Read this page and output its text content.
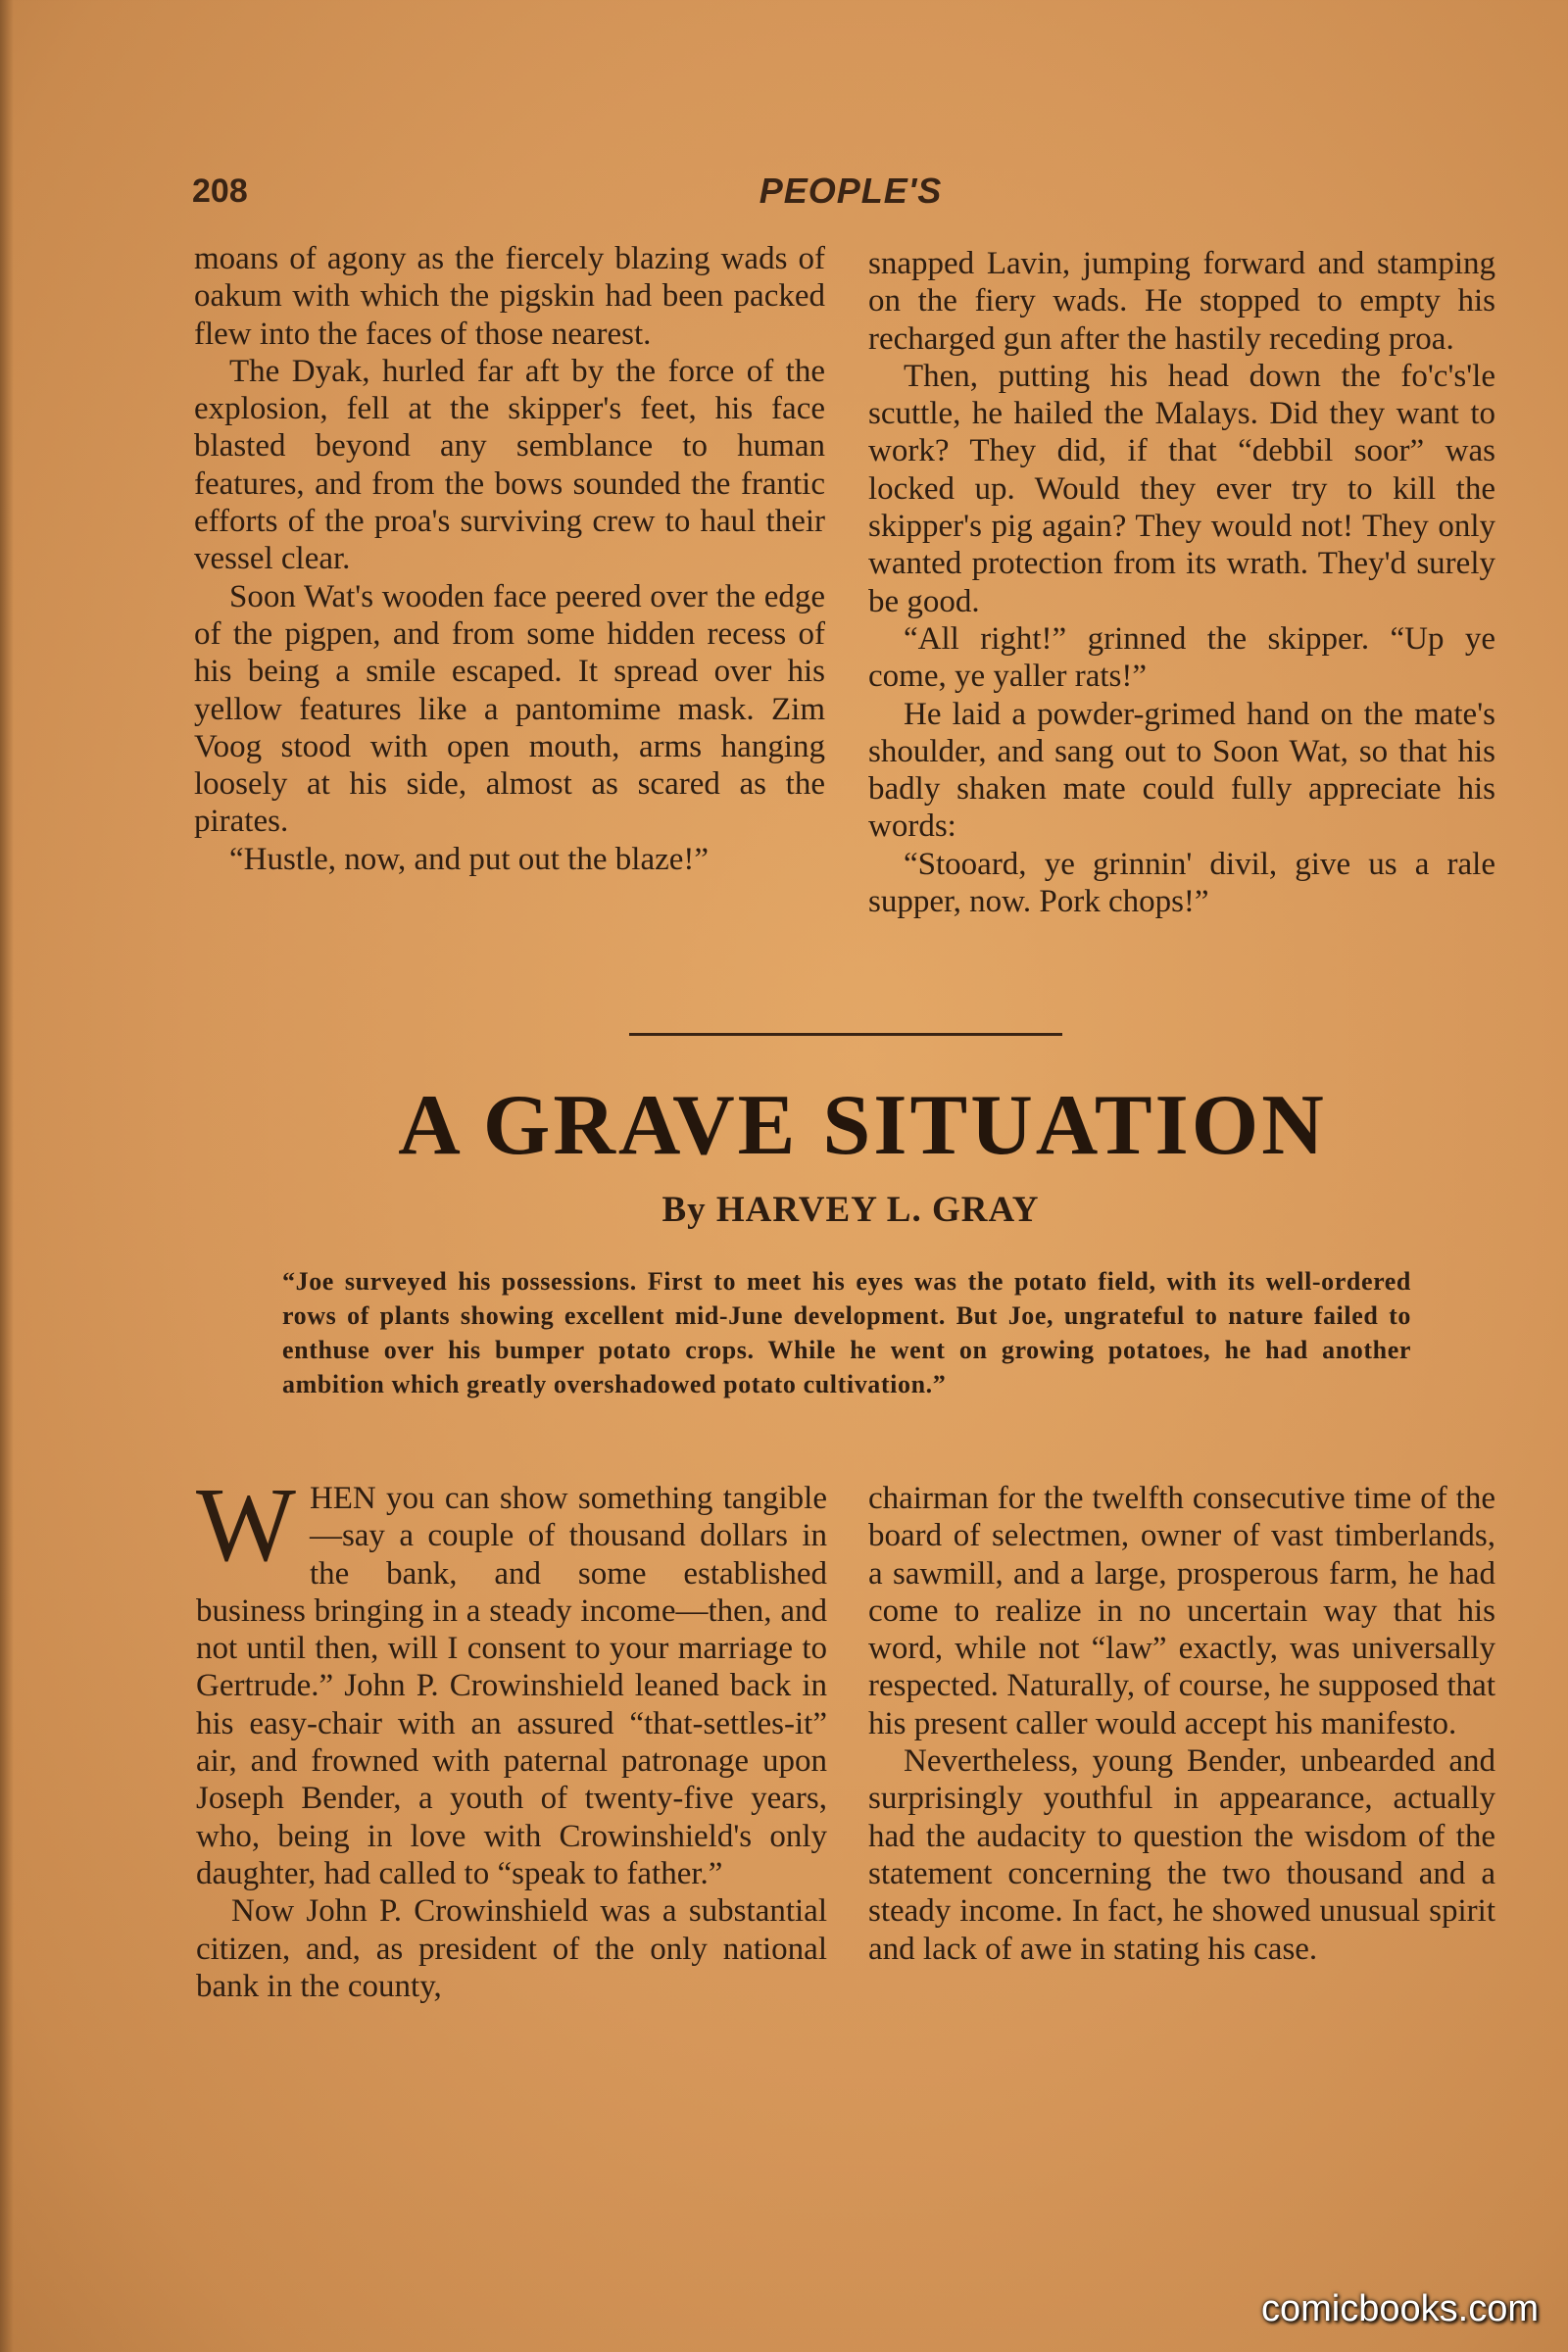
208	PEOPLE'S

moans of agony as the fiercely blazing wads of oakum with which the pigskin had been packed flew into the faces of those nearest.

The Dyak, hurled far aft by the force of the explosion, fell at the skipper's feet, his face blasted beyond any semblance to human features, and from the bows sounded the frantic efforts of the proa's surviving crew to haul their vessel clear.

Soon Wat's wooden face peered over the edge of the pigpen, and from some hidden recess of his being a smile escaped. It spread over his yellow features like a pantomime mask. Zim Voog stood with open mouth, arms hanging loosely at his side, almost as scared as the pirates.

“Hustle, now, and put out the blaze!”

snapped Lavin, jumping forward and stamping on the fiery wads. He stopped to empty his recharged gun after the hastily receding proa.

Then, putting his head down the fo'c's'le scuttle, he hailed the Malays. Did they want to work? They did, if that “debbil soor” was locked up. Would they ever try to kill the skipper's pig again? They would not! They only wanted protection from its wrath. They'd surely be good.

“All right!” grinned the skipper. “Up ye come, ye yaller rats!”

He laid a powder-grimed hand on the mate's shoulder, and sang out to Soon Wat, so that his badly shaken mate could fully appreciate his words:

“Stooard, ye grinnin' divil, give us a rale supper, now. Pork chops!”

A GRAVE SITUATION
By HARVEY L. GRAY
“Joe surveyed his possessions. First to meet his eyes was the potato field, with its well-ordered rows of plants showing excellent mid-June development. But Joe, ungrateful to nature failed to enthuse over his bumper potato crops. While he went on growing potatoes, he had another ambition which greatly overshadowed potato cultivation.”

WHEN you can show something tangible—say a couple of thousand dollars in the bank, and some established business bringing in a steady income—then, and not until then, will I consent to your marriage to Gertrude.” John P. Crowinshield leaned back in his easy-chair with an assured “that-settles-it” air, and frowned with paternal patronage upon Joseph Bender, a youth of twenty-five years, who, being in love with Crowinshield's only daughter, had called to “speak to father.”

Now John P. Crowinshield was a substantial citizen, and, as president of the only national bank in the county,

chairman for the twelfth consecutive time of the board of selectmen, owner of vast timberlands, a sawmill, and a large, prosperous farm, he had come to realize in no uncertain way that his word, while not “law” exactly, was universally respected. Naturally, of course, he supposed that his present caller would accept his manifesto.

Nevertheless, young Bender, unbearded and surprisingly youthful in appearance, actually had the audacity to question the wisdom of the statement concerning the two thousand and a steady income. In fact, he showed unusual spirit and lack of awe in stating his case.

comicbooks.com
